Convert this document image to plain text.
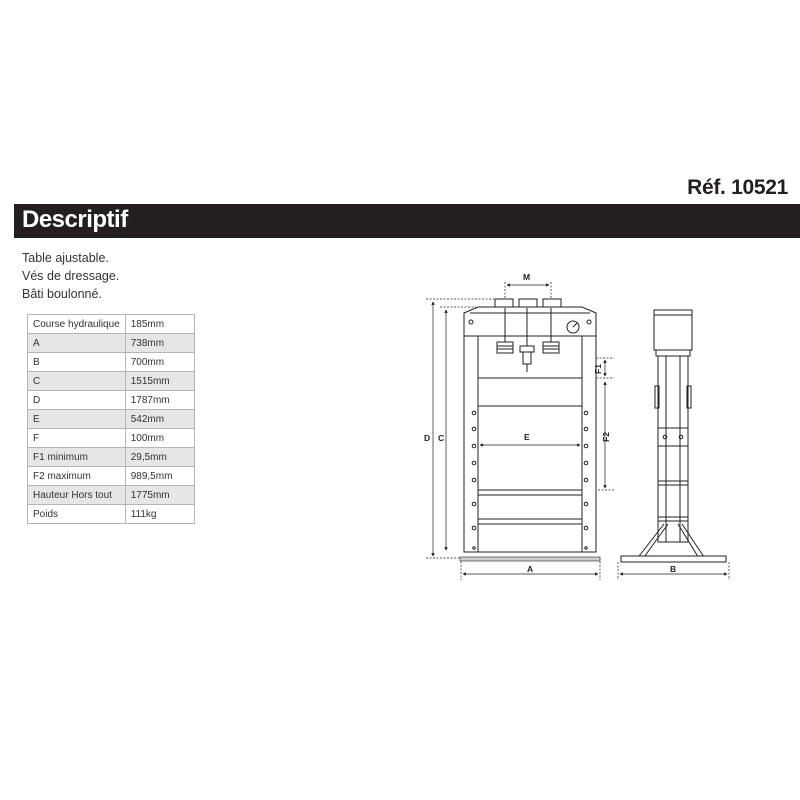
Réf. 10521
Descriptif
Table ajustable.
Vés de dressage.
Bâti boulonné.
Course hydraulique	185mm
A	738mm
B	700mm
C	1515mm
D	1787mm
E	542mm
F	100mm
F1 minimum	29,5mm
F2 maximum	989,5mm
Hauteur Hors tout	1775mm
Poids	111kg
M
D C	E
F1
F2
A	B
